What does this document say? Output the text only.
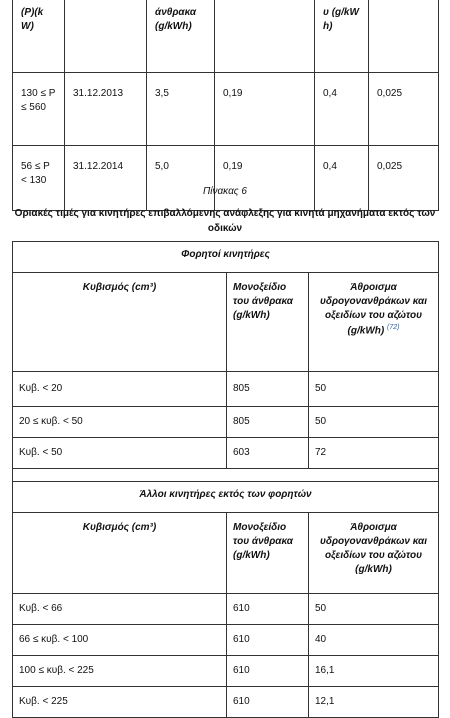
(P)(k W)		άνθρακα (g/kWh)		υ (g/kW h)	
130 ≤ P ≤ 560	31.12.2013	3,5	0,19	0,4	0,025
56 ≤ P < 130	31.12.2014	5,0	0,19	0,4	0,025
Πίνακας 6
Οριακές τιμές για κινητήρες επιβαλλόμενης ανάφλεξης για κινητά μηχανήματα εκτός των οδικών
Φορητοί κινητήρες		
Κυβισμός (cm³)	Μονοξείδιο του άνθρακα (g/kWh)	Άθροισμα υδρογονανθράκων και οξειδίων του αζώτου (g/kWh) $^{(72)}$
Κυβ. < 20	805	50
20 ≤ κυβ. < 50	805	50
Κυβ. < 50	603	72

Άλλοι κινητήρες εκτός των φορητών		
Κυβισμός (cm³)	Μονοξείδιο του άνθρακα (g/kWh)	Άθροισμα υδρογονανθράκων και οξειδίων του αζώτου (g/kWh)
Κυβ. < 66	610	50
66 ≤ κυβ. < 100	610	40
100 ≤ κυβ. < 225	610	16,1
Κυβ. < 225	610	12,1
